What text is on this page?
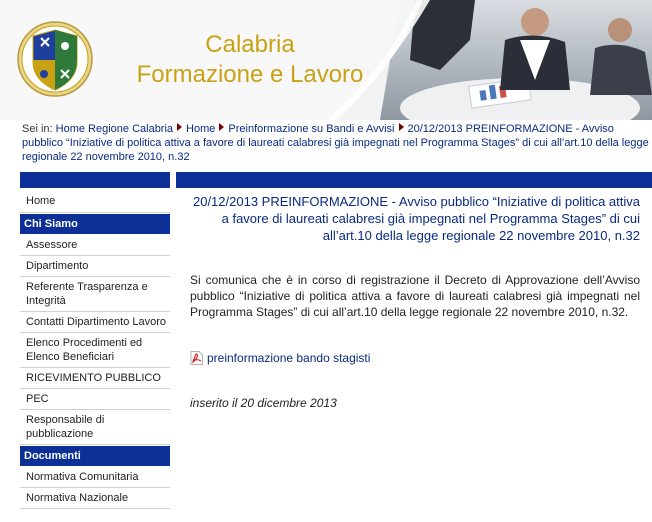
Calabria
Formazione e Lavoro
Sei in: Home Regione Calabria Home Preinformazione su Bandi e Avvisi 20/12/2013 PREINFORMAZIONE - Avviso pubblico “Iniziative di politica attiva a favore di laureati calabresi già impegnati nel Programma Stages” di cui all’art.10 della legge regionale 22 novembre 2010, n.32
Home
Chi Siamo
Assessore
Dipartimento
Referente Trasparenza e Integrità
Contatti Dipartimento Lavoro
Elenco Procedimenti ed Elenco Beneficiari
RICEVIMENTO PUBBLICO
PEC
Responsabile di pubblicazione
Documenti
Normativa Comunitaria
Normativa Nazionale
20/12/2013 PREINFORMAZIONE - Avviso pubblico “Iniziative di politica attiva a favore di laureati calabresi già impegnati nel Programma Stages” di cui all’art.10 della legge regionale 22 novembre 2010, n.32

Si comunica che è in corso di registrazione il Decreto di Approvazione dell’Avviso pubblico “Iniziative di politica attiva a favore di laureati calabresi già impegnati nel Programma Stages” di cui all’art.10 della legge regionale 22 novembre 2010, n.32.

preinformazione bando stagisti
inserito il 20 dicembre 2013
